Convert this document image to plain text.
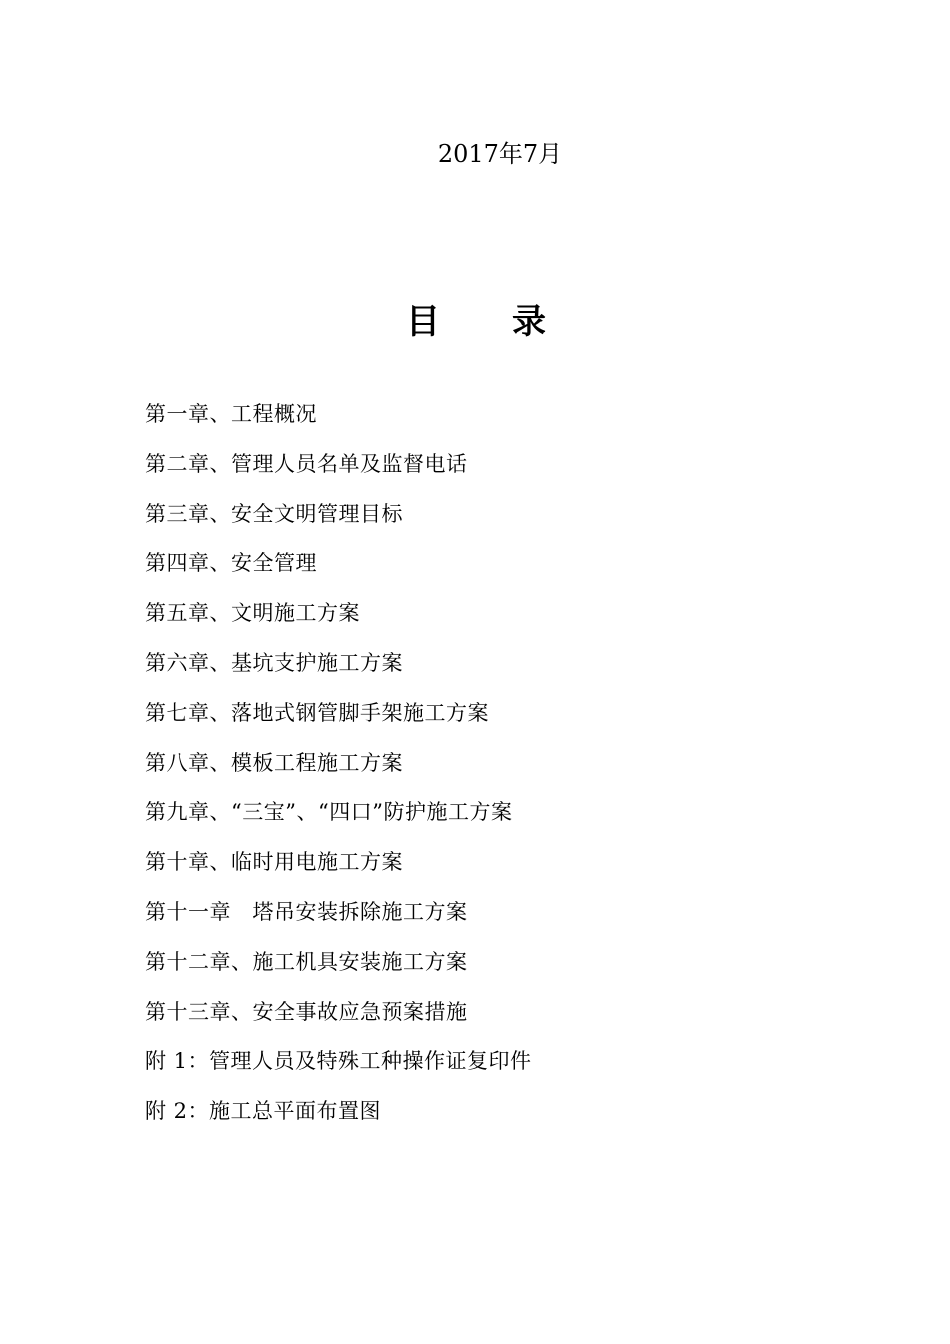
2017年7月
目 录
第一章、工程概况
第二章、管理人员名单及监督电话
第三章、安全文明管理目标
第四章、安全管理
第五章、文明施工方案
第六章、基坑支护施工方案
第七章、落地式钢管脚手架施工方案
第八章、模板工程施工方案
第九章、“三宝”、“四口”防护施工方案
第十章、临时用电施工方案
第十一章　塔吊安装拆除施工方案
第十二章、施工机具安装施工方案
第十三章、安全事故应急预案措施
附 1：管理人员及特殊工种操作证复印件
附 2：施工总平面布置图
